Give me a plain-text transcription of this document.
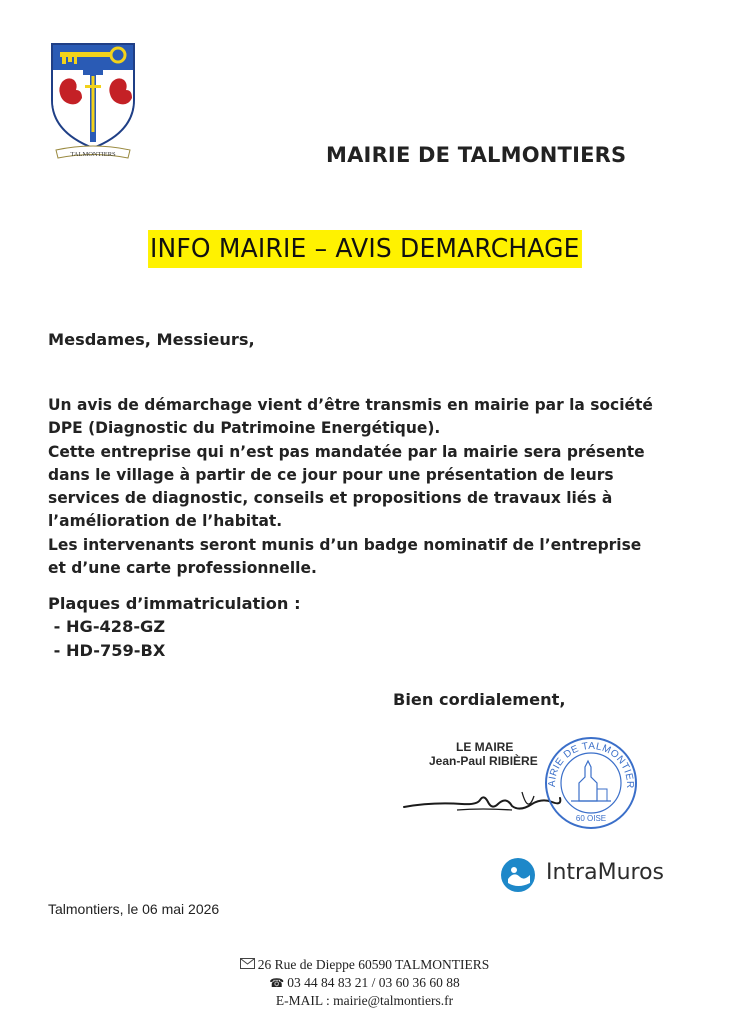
TALMONTIERS	MAIRIE DE TALMONTIERS
INFO MAIRIE – AVIS DEMARCHAGE
Mesdames, Messieurs,
Un avis de démarchage vient d’être transmis en mairie par la société
DPE (Diagnostic du Patrimoine Energétique).
Cette entreprise qui n’est pas mandatée par la mairie sera présente
dans le village à partir de ce jour pour une présentation de leurs
services de diagnostic, conseils et propositions de travaux liés à
l’amélioration de l’habitat.
Les intervenants seront munis d’un badge nominatif de l’entreprise
et d’une carte professionnelle.
Plaques d’immatriculation :
- HG-428-GZ
- HD-759-BX
Bien cordialement,
LE MAIRE
Jean-Paul RIBIÈRE
AIRIE DE TALMONTIER
60 OISE
IntraMuros
Talmontiers, le 06 mai 2026
26 Rue de Dieppe 60590 TALMONTIERS
☎ 03 44 84 83 21 / 03 60 36 60 88
E-MAIL : mairie@talmontiers.fr
